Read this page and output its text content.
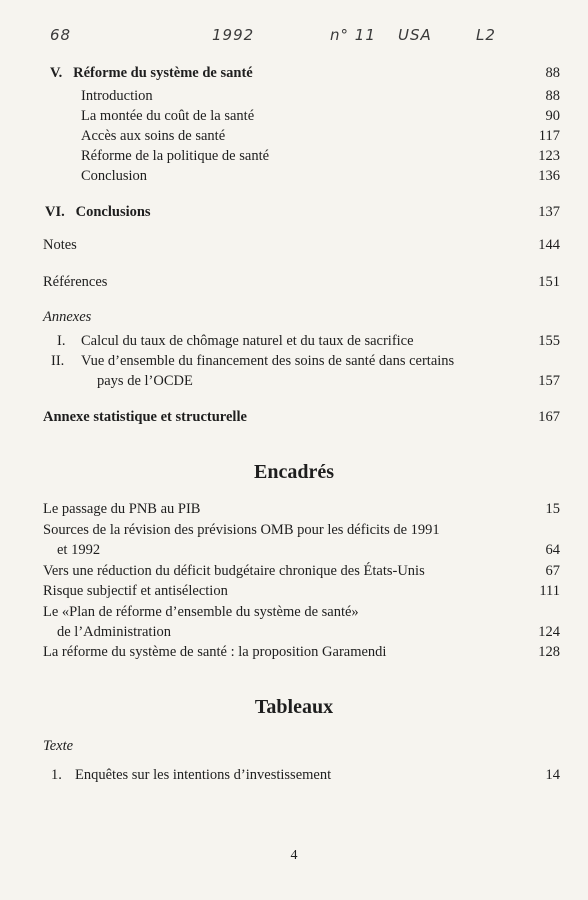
68	1992	n° 11 USA	L2
V. Réforme du système de santé	88
Introduction	88
La montée du coût de la santé	90
Accès aux soins de santé	117
Réforme de la politique de santé	123
Conclusion	136
VI. Conclusions	137
Notes	144
Références	151
Annexes
I. Calcul du taux de chômage naturel et du taux de sacrifice	155
II. Vue d’ensemble du financement des soins de santé dans certains
pays de l’OCDE	157
Annexe statistique et structurelle	167
Encadrés
Le passage du PNB au PIB	15
Sources de la révision des prévisions OMB pour les déficits de 1991
et 1992	64
Vers une réduction du déficit budgétaire chronique des États-Unis	67
Risque subjectif et antisélection	111
Le «Plan de réforme d’ensemble du système de santé»
de l’Administration	124
La réforme du système de santé : la proposition Garamendi	128
Tableaux
Texte
1. Enquêtes sur les intentions d’investissement	14
4
